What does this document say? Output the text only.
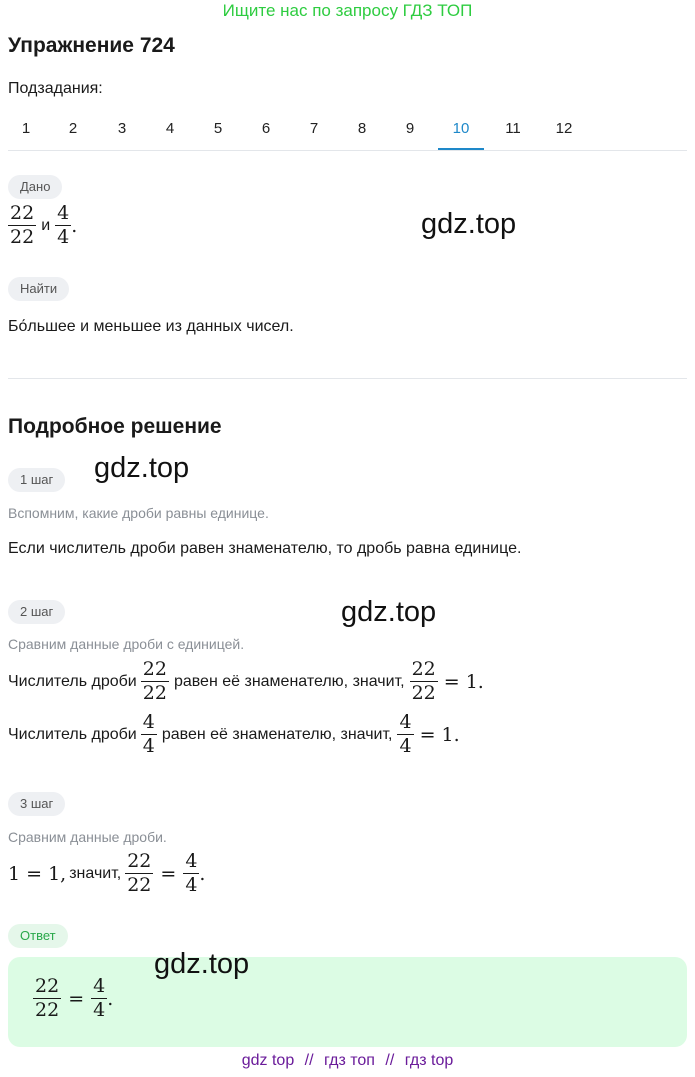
Ищите нас по запросу ГДЗ ТОП
Упражнение 724
Подзадания:
1	2	3	4	5	6	7	8	9	10	11 12
Дано
$\frac{22}{22}$ и $\frac{4}{4}$ .	gdz.top
Найти
Бо́льшее и меньшее из данных чисел.
Подробное решение
1 шаг	gdz.top
Вспомним, какие дроби равны единице.
Если числитель дроби равен знаменателю, то дробь равна единице.
2 шаг	gdz.top
Сравним данные дроби с единицей.
Числитель дроби $\frac{22}{22}$ равен её знаменателю, значит, $\frac{22}{22} = 1$.
Числитель дроби $\frac{4}{4}$ равен её знаменателю, значит, $\frac{4}{4} = 1$.
3 шаг
Сравним данные дроби.
1 = 1, значит, $\frac{22}{22} = \frac{4}{4}$ .
Ответ
$\frac{22}{22} = \frac{4}{4}$ .
gdz.top
gdz top // гдз топ // гдз top
